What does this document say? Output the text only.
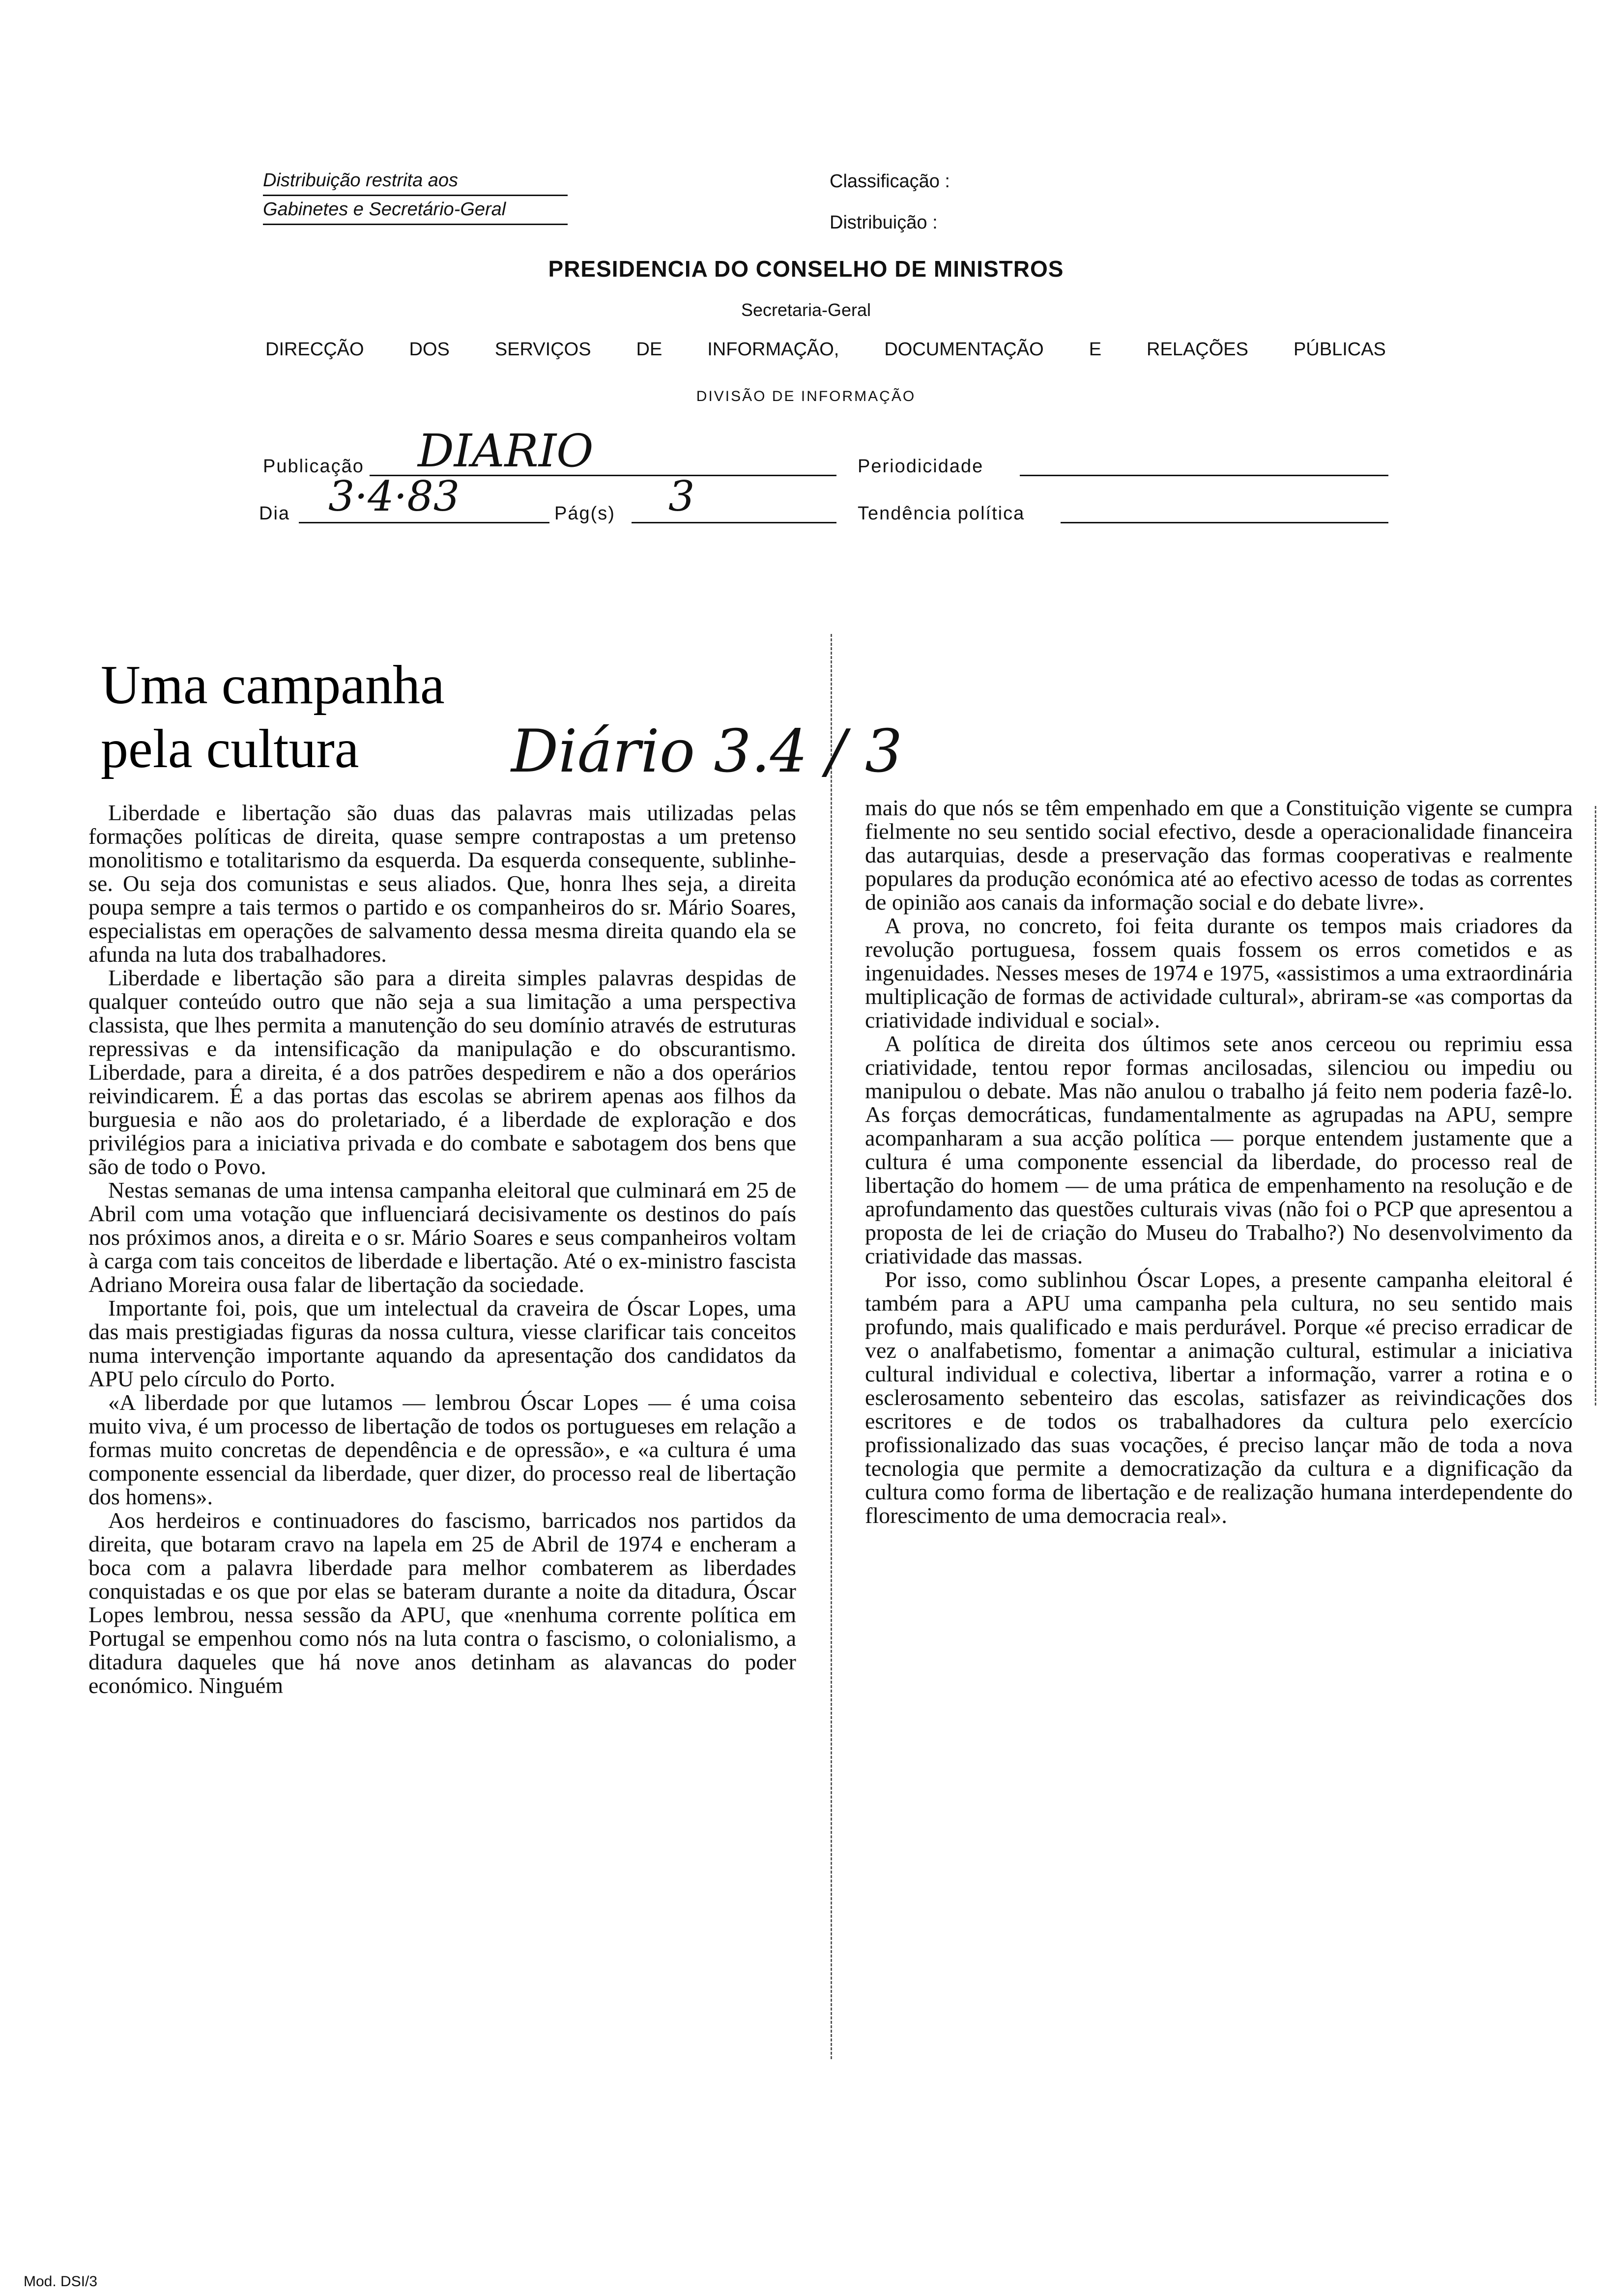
Distribuição restrita aos
Gabinetes e Secretário-Geral
Classificação :
Distribuição :
PRESIDENCIA DO CONSELHO DE MINISTROS
Secretaria-Geral
DIRECÇÃO DOS SERVIÇOS DE INFORMAÇÃO, DOCUMENTAÇÃO E RELAÇÕES PÚBLICAS
DIVISÃO DE INFORMAÇÃO
Publicação DIARIO	Periodicidade
Dia 3·4·83	Pág(s) 3	Tendência política
Uma campanha
pela cultura	Diário 3.4 / 3

Liberdade e libertação são duas das palavras mais utilizadas pelas formações políticas de direita, quase sempre contrapostas a um pretenso monolitismo e totalitarismo da esquerda. Da esquerda consequente, sublinhe-se. Ou seja dos comunistas e seus aliados. Que, honra lhes seja, a direita poupa sempre a tais termos o partido e os companheiros do sr. Mário Soares, especialistas em operações de salvamento dessa mesma direita quando ela se afunda na luta dos trabalhadores.

Liberdade e libertação são para a direita simples palavras despidas de qualquer conteúdo outro que não seja a sua limitação a uma perspectiva classista, que lhes permita a manutenção do seu domínio através de estruturas repressivas e da intensificação da manipulação e do obscurantismo. Liberdade, para a direita, é a dos patrões despedirem e não a dos operários reivindicarem. É a das portas das escolas se abrirem apenas aos filhos da burguesia e não aos do proletariado, é a liberdade de exploração e dos privilégios para a iniciativa privada e do combate e sabotagem dos bens que são de todo o Povo.

Nestas semanas de uma intensa campanha eleitoral que culminará em 25 de Abril com uma votação que influenciará decisivamente os destinos do país nos próximos anos, a direita e o sr. Mário Soares e seus companheiros voltam à carga com tais conceitos de liberdade e libertação. Até o ex-ministro fascista Adriano Moreira ousa falar de libertação da sociedade.

Importante foi, pois, que um intelectual da craveira de Óscar Lopes, uma das mais prestigiadas figuras da nossa cultura, viesse clarificar tais conceitos numa intervenção importante aquando da apresentação dos candidatos da APU pelo círculo do Porto.

«A liberdade por que lutamos — lembrou Óscar Lopes — é uma coisa muito viva, é um processo de libertação de todos os portugueses em relação a formas muito concretas de dependência e de opressão», e «a cultura é uma componente essencial da liberdade, quer dizer, do processo real de libertação dos homens».

Aos herdeiros e continuadores do fascismo, barricados nos partidos da direita, que botaram cravo na lapela em 25 de Abril de 1974 e encheram a boca com a palavra liberdade para melhor combaterem as liberdades conquistadas e os que por elas se bateram durante a noite da ditadura, Óscar Lopes lembrou, nessa sessão da APU, que «nenhuma corrente política em Portugal se empenhou como nós na luta contra o fascismo, o colonialismo, a ditadura daqueles que há nove anos detinham as alavancas do poder económico. Ninguém

mais do que nós se têm empenhado em que a Constituição vigente se cumpra fielmente no seu sentido social efectivo, desde a operacionalidade financeira das autarquias, desde a preservação das formas cooperativas e realmente populares da produção económica até ao efectivo acesso de todas as correntes de opinião aos canais da informação social e do debate livre».

A prova, no concreto, foi feita durante os tempos mais criadores da revolução portuguesa, fossem quais fossem os erros cometidos e as ingenuidades. Nesses meses de 1974 e 1975, «assistimos a uma extraordinária multiplicação de formas de actividade cultural», abriram-se «as comportas da criatividade individual e social».

A política de direita dos últimos sete anos cerceou ou reprimiu essa criatividade, tentou repor formas ancilosadas, silenciou ou impediu ou manipulou o debate. Mas não anulou o trabalho já feito nem poderia fazê-lo. As forças democráticas, fundamentalmente as agrupadas na APU, sempre acompanharam a sua acção política — porque entendem justamente que a cultura é uma componente essencial da liberdade, do processo real de libertação do homem — de uma prática de empenhamento na resolução e de aprofundamento das questões culturais vivas (não foi o PCP que apresentou a proposta de lei de criação do Museu do Trabalho?) No desenvolvimento da criatividade das massas.

Por isso, como sublinhou Óscar Lopes, a presente campanha eleitoral é também para a APU uma campanha pela cultura, no seu sentido mais profundo, mais qualificado e mais perdurável. Porque «é preciso erradicar de vez o analfabetismo, fomentar a animação cultural, estimular a iniciativa cultural individual e colectiva, libertar a informação, varrer a rotina e o esclerosamento sebenteiro das escolas, satisfazer as reivindicações dos escritores e de todos os trabalhadores da cultura pelo exercício profissionalizado das suas vocações, é preciso lançar mão de toda a nova tecnologia que permite a democratização da cultura e a dignificação da cultura como forma de libertação e de realização humana interdependente do florescimento de uma democracia real».

Mod. DSI/3
